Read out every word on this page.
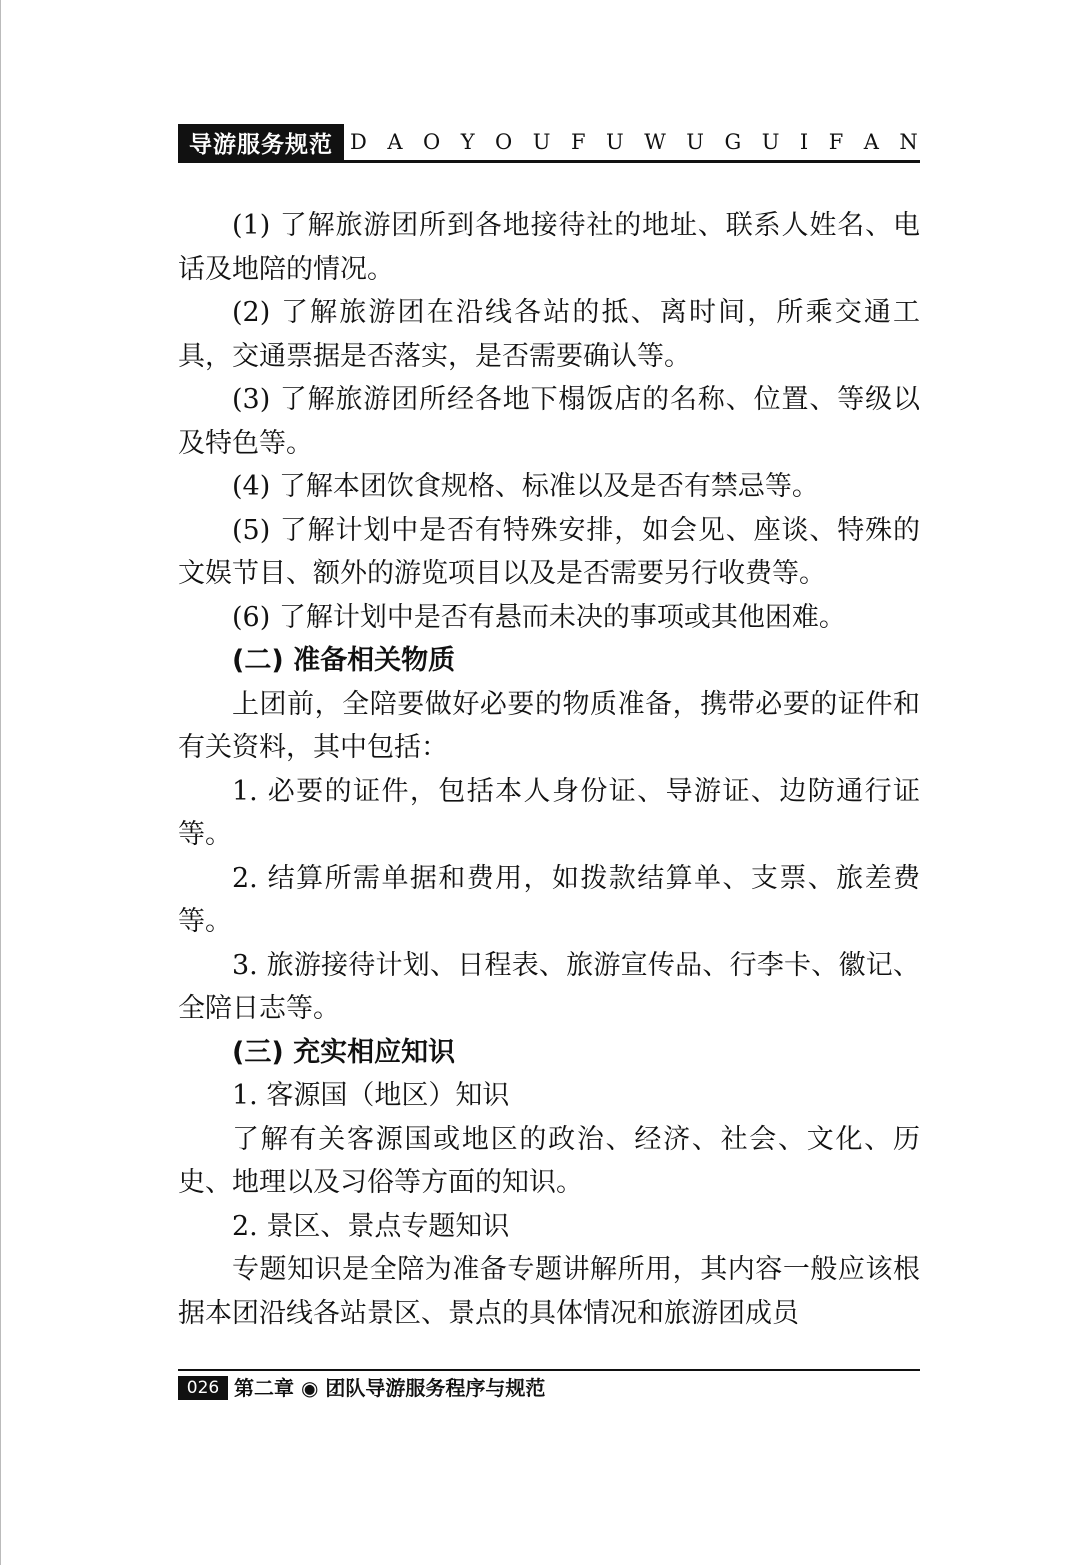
导游服务规范 D A O Y O U F U W U G U I F A N

(1) 了解旅游团所到各地接待社的地址、联系人姓名、电话及地陪的情况。

(2) 了解旅游团在沿线各站的抵、离时间，所乘交通工具，交通票据是否落实，是否需要确认等。

(3) 了解旅游团所经各地下榻饭店的名称、位置、等级以及特色等。

(4) 了解本团饮食规格、标准以及是否有禁忌等。

(5) 了解计划中是否有特殊安排，如会见、座谈、特殊的文娱节目、额外的游览项目以及是否需要另行收费等。

(6) 了解计划中是否有悬而未决的事项或其他困难。

(二) 准备相关物质

上团前，全陪要做好必要的物质准备，携带必要的证件和有关资料，其中包括：

1. 必要的证件，包括本人身份证、导游证、边防通行证等。

2. 结算所需单据和费用，如拨款结算单、支票、旅差费等。

3. 旅游接待计划、日程表、旅游宣传品、行李卡、徽记、全陪日志等。

(三) 充实相应知识

1. 客源国（地区）知识

了解有关客源国或地区的政治、经济、社会、文化、历史、地理以及习俗等方面的知识。

2. 景区、景点专题知识

专题知识是全陪为准备专题讲解所用，其内容一般应该根据本团沿线各站景区、景点的具体情况和旅游团成员

026 第二章 ◉ 团队导游服务程序与规范
